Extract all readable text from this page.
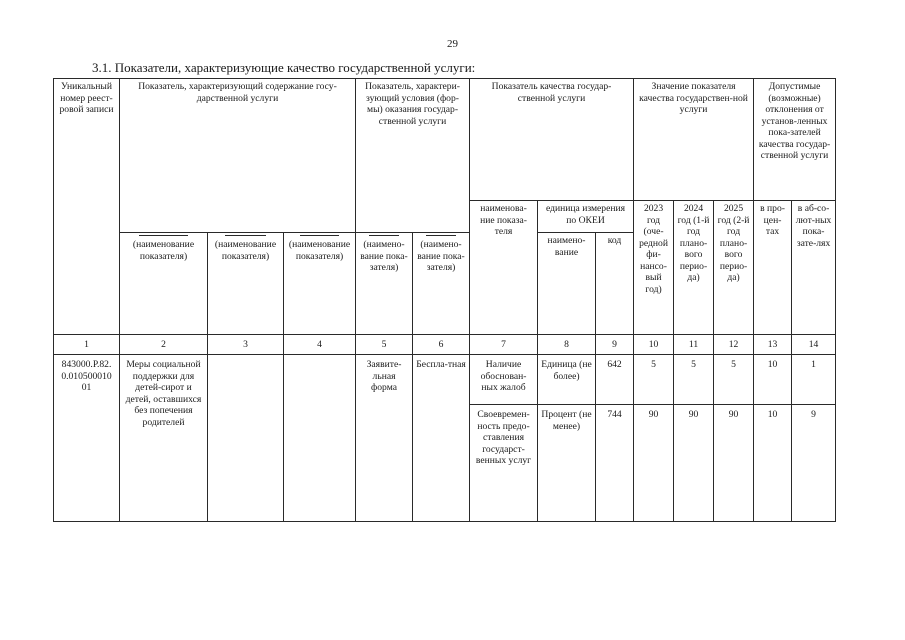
29
3.1. Показатели, характеризующие качество государственной услуги:
Уникальный номер реест-ровой записи	Показатель, характеризующий содержание госу-дарственной услуги			Показатель, характери-зующий условия (фор-мы) оказания государ-ственной услуги		Показатель качества государ-ственной услуги			Значение показателя качества государствен-ной услуги			Допустимые (возможные) отклонения от установ-ленных пока-зателей качества государ-ственной услуги	
						наименова-ние показа-теля	единица измерения по ОКЕИ		2023 год (оче-редной фи-нансо-вый год)	2024 год (1-й год плано-вого перио-да)	2025 год (2-й год плано-вого перио-да)	в про-цен-тах	в аб-со-лют-ных пока-зате-лях

(наименование показателя)	(наименование показателя)	(наименование показателя)	(наимено-вание пока-зателя)	(наимено-вание пока-зателя)		наимено-вание	код					
1	2	3	4	5	6	7	8	9	10	11	12	13	14
843000.Р.82. 0.010500010 01	Меры социальной поддержки для детей-сирот и детей, оставшихся без попечения родителей			Заявите-льная форма	Беспла-тная	Наличие обоснован-ных жалоб	Единица (не более)	642	5	5	5	10	1
						Своевремен-ность предо-ставления государст-венных услуг	Процент (не менее)	744	90	90	90	10	9
